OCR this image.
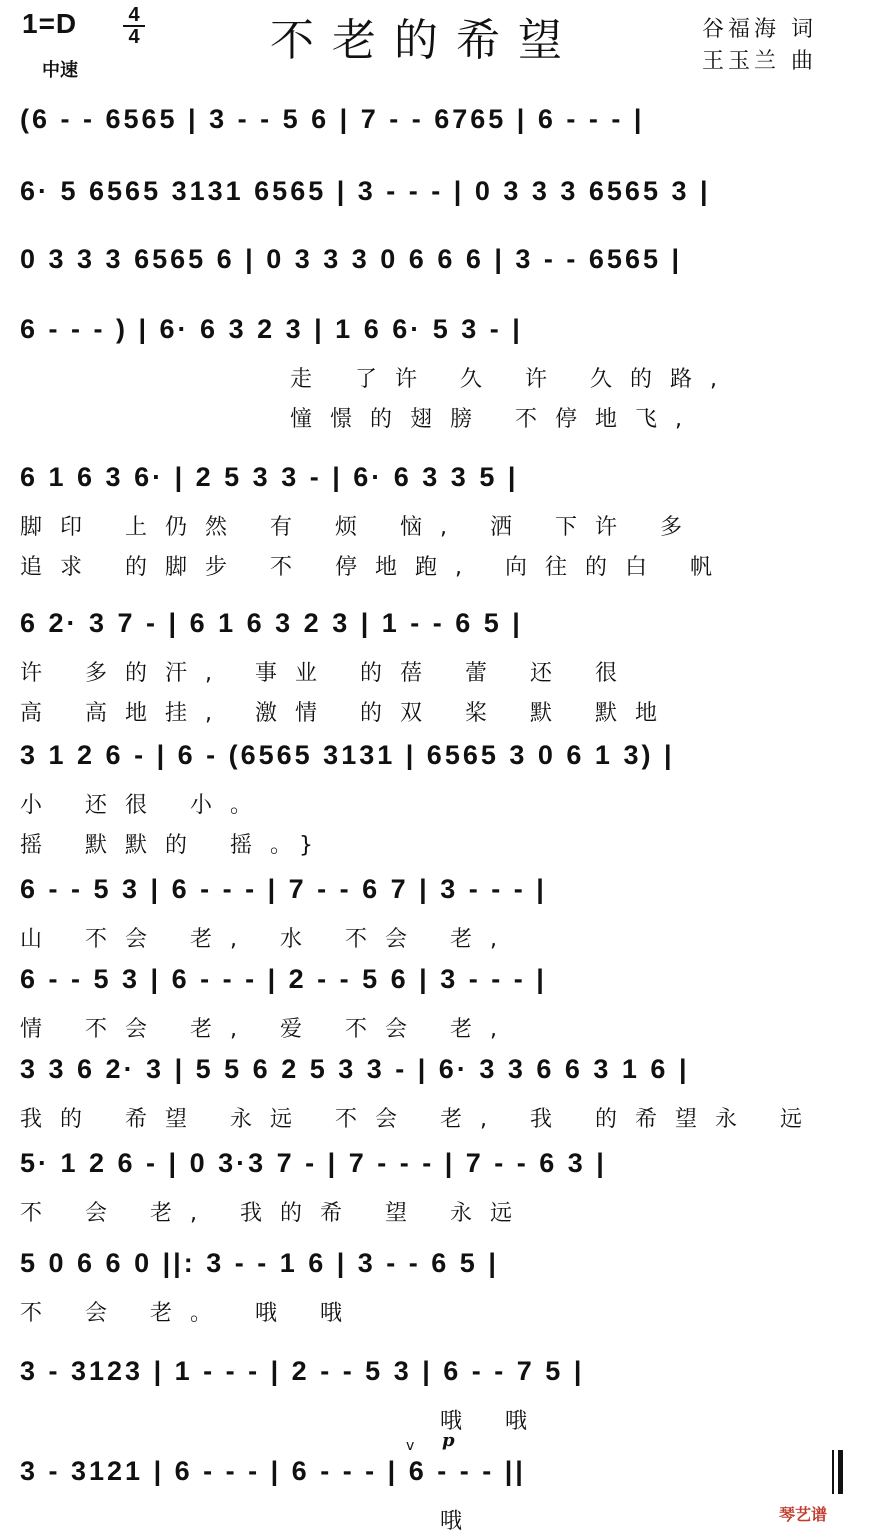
1=D	4
4
中速
不老的希望	谷福海 词
王玉兰 曲
(6 - - 6565 | 3 - - 5 6 | 7 - - 6765 | 6 - - - |
6· 5 6565 3131 6565 | 3 - - - | 0 3 3 3 6565 3 |
0 3 3 3 6565 6 | 0 3 3 3 0 6 6 6 | 3 - - 6565 |
6 - - - ) | 6· 6 3 2 3 | 1 6 6· 5 3 - |
走 了许 久 许 久的路,
憧憬的翅膀 不停地飞,
6 1 6 3 6· | 2 5 3 3 - | 6· 6 3 3 5 |
脚印 上仍然 有 烦 恼, 洒 下许 多
追求 的脚步 不 停地跑, 向往的白 帆
6 2· 3 7 - | 6 1 6 3 2 3 | 1 - - 6 5 |
许 多的汗, 事业 的蓓 蕾 还 很
高 高地挂, 激情 的双 桨 默 默地
3 1 2 6 - | 6 - (6565 3131 | 6565 3 0 6 1 3) |
小 还很 小。
摇 默默的 摇。}
6 - - 5 3 | 6 - - - | 7 - - 6 7 | 3 - - - |
山 不会 老, 水 不会 老,
6 - - 5 3 | 6 - - - | 2 - - 5 6 | 3 - - - |
情 不会 老, 爱 不会 老,
3 3 6 2· 3 | 5 5 6 2 5 3 3 - | 6· 3 3 6 6 3 1 6 |
我的 希望 永远 不会 老, 我 的希望永 远
5· 1 2 6 - | 0 3·3 7 - | 7 - - - | 7 - - 6 3 |
不 会 老, 我的希 望 永远
5 0 6 6 0 ||: 3 - - 1 6 | 3 - - 6 5 |
不 会 老。 哦 哦
3 - 3123 | 1 - - - | 2 - - 5 3 | 6 - - 7 5 |
哦 哦
3 - 3121 | 6 - - - | 6 - - - | 6 - - - ||
哦
p
v
琴艺谱
